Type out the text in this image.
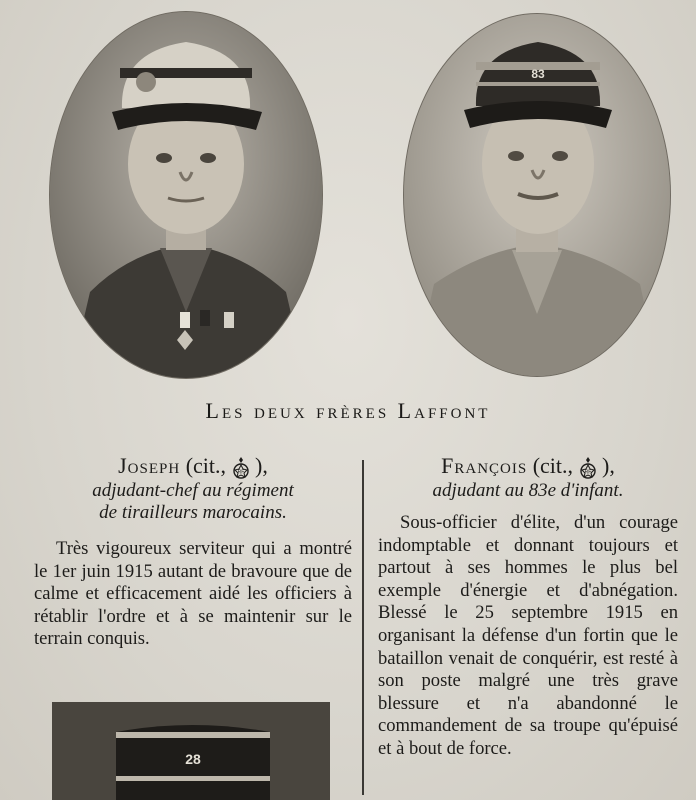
83
Les deux frères Laffont
Joseph (cit., RF ),
adjudant-chef au régiment
de tirailleurs marocains.
Très vigoureux serviteur qui a montré le 1er juin 1915 autant de bravoure que de calme et efficacement aidé les officiers à rétablir l'ordre et à se maintenir sur le terrain conquis.
François (cit., RF ),
adjudant au 83e d'infant.
Sous-officier d'élite, d'un courage indomptable et donnant toujours et partout à ses hommes le plus bel exemple d'énergie et d'abnégation. Blessé le 25 septembre 1915 en organisant la défense d'un fortin que le bataillon venait de conquérir, est resté à son poste malgré une très grave blessure et n'a abandonné le commandement de sa troupe qu'épuisé et à bout de force.
28
